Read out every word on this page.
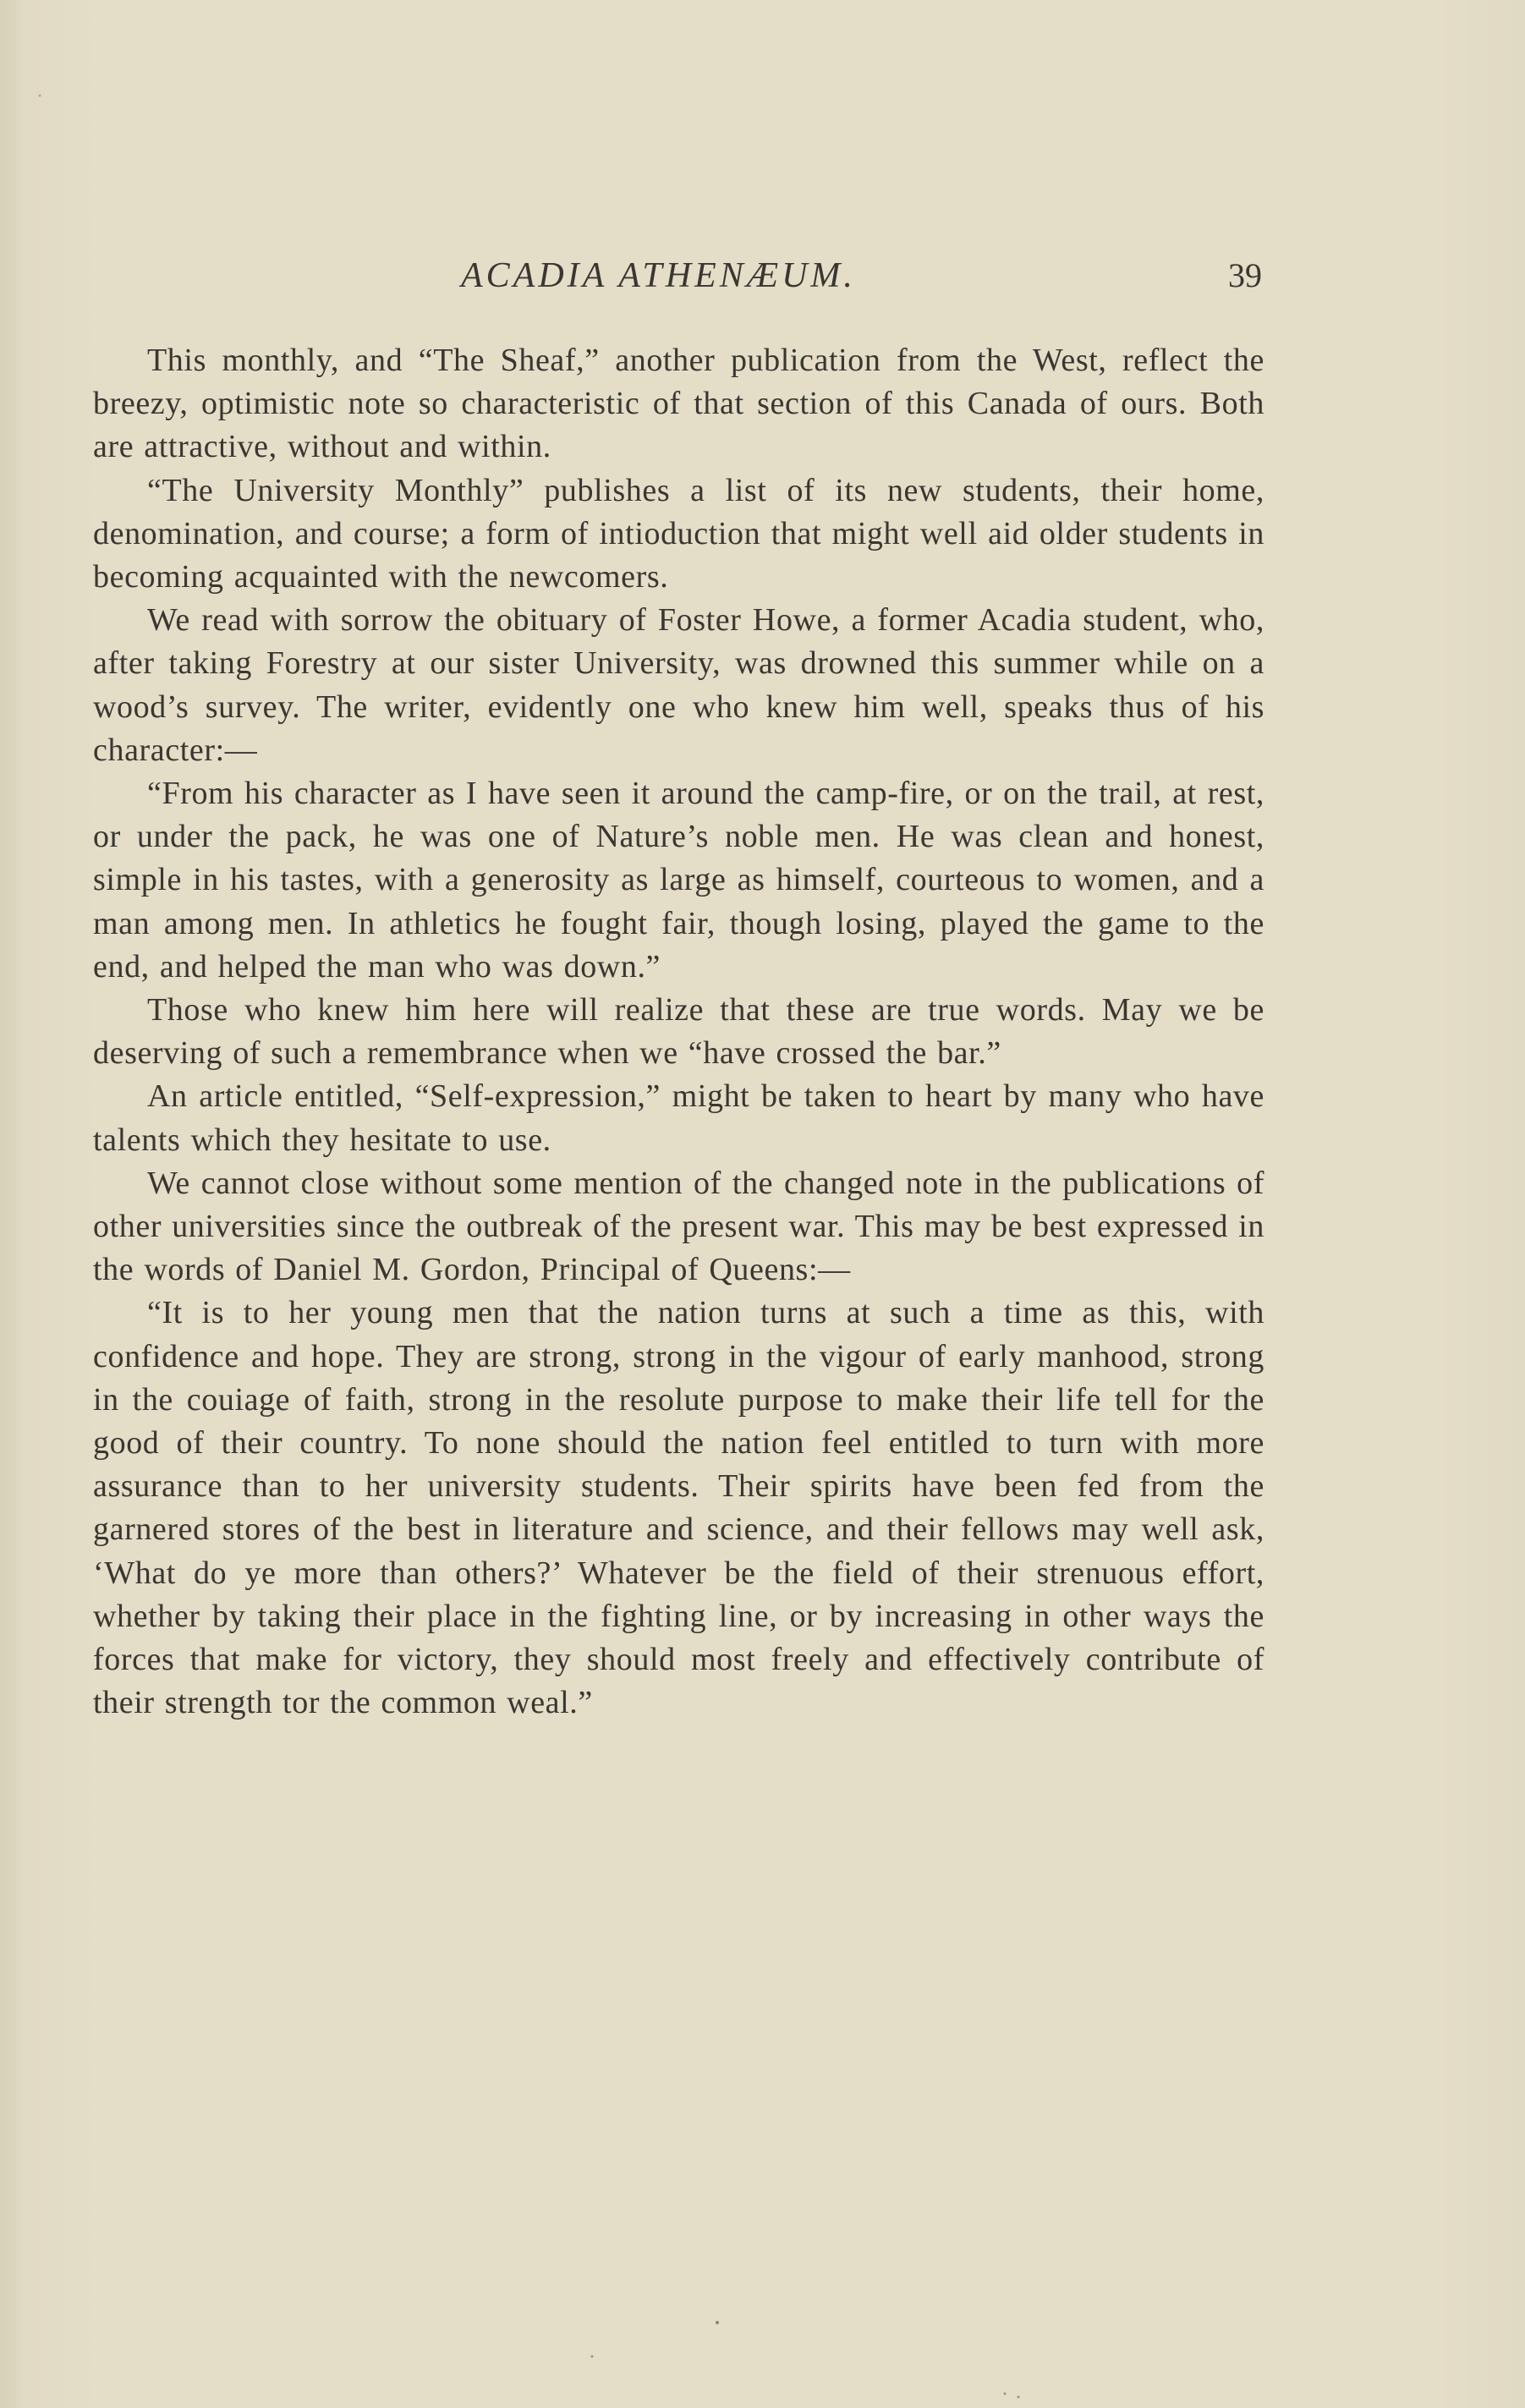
ACADIA ATHENÆUM.	39

This monthly, and “The Sheaf,” another publication from the West, reflect the breezy, optimistic note so characteristic of that section of this Canada of ours. Both are attractive, without and within.

“The University Monthly” publishes a list of its new students, their home, denomination, and course; a form of intioduction that might well aid older students in becoming acquainted with the newcomers.

We read with sorrow the obituary of Foster Howe, a former Acadia student, who, after taking Forestry at our sister University, was drowned this summer while on a wood’s survey. The writer, evidently one who knew him well, speaks thus of his character:—

“From his character as I have seen it around the camp-fire, or on the trail, at rest, or under the pack, he was one of Nature’s noble men. He was clean and honest, simple in his tastes, with a generosity as large as himself, courteous to women, and a man among men. In athletics he fought fair, though losing, played the game to the end, and helped the man who was down.”

Those who knew him here will realize that these are true words. May we be deserving of such a remembrance when we “have crossed the bar.”

An article entitled, “Self-expression,” might be taken to heart by many who have talents which they hesitate to use.

We cannot close without some mention of the changed note in the publications of other universities since the outbreak of the present war. This may be best expressed in the words of Daniel M. Gordon, Principal of Queens:—

“It is to her young men that the nation turns at such a time as this, with confidence and hope. They are strong, strong in the vigour of early manhood, strong in the couiage of faith, strong in the resolute purpose to make their life tell for the good of their country. To none should the nation feel entitled to turn with more assurance than to her university students. Their spirits have been fed from the garnered stores of the best in literature and science, and their fellows may well ask, ‘What do ye more than others?’ Whatever be the field of their strenuous effort, whether by taking their place in the fighting line, or by increasing in other ways the forces that make for victory, they should most freely and effectively contribute of their strength tor the common weal.”
